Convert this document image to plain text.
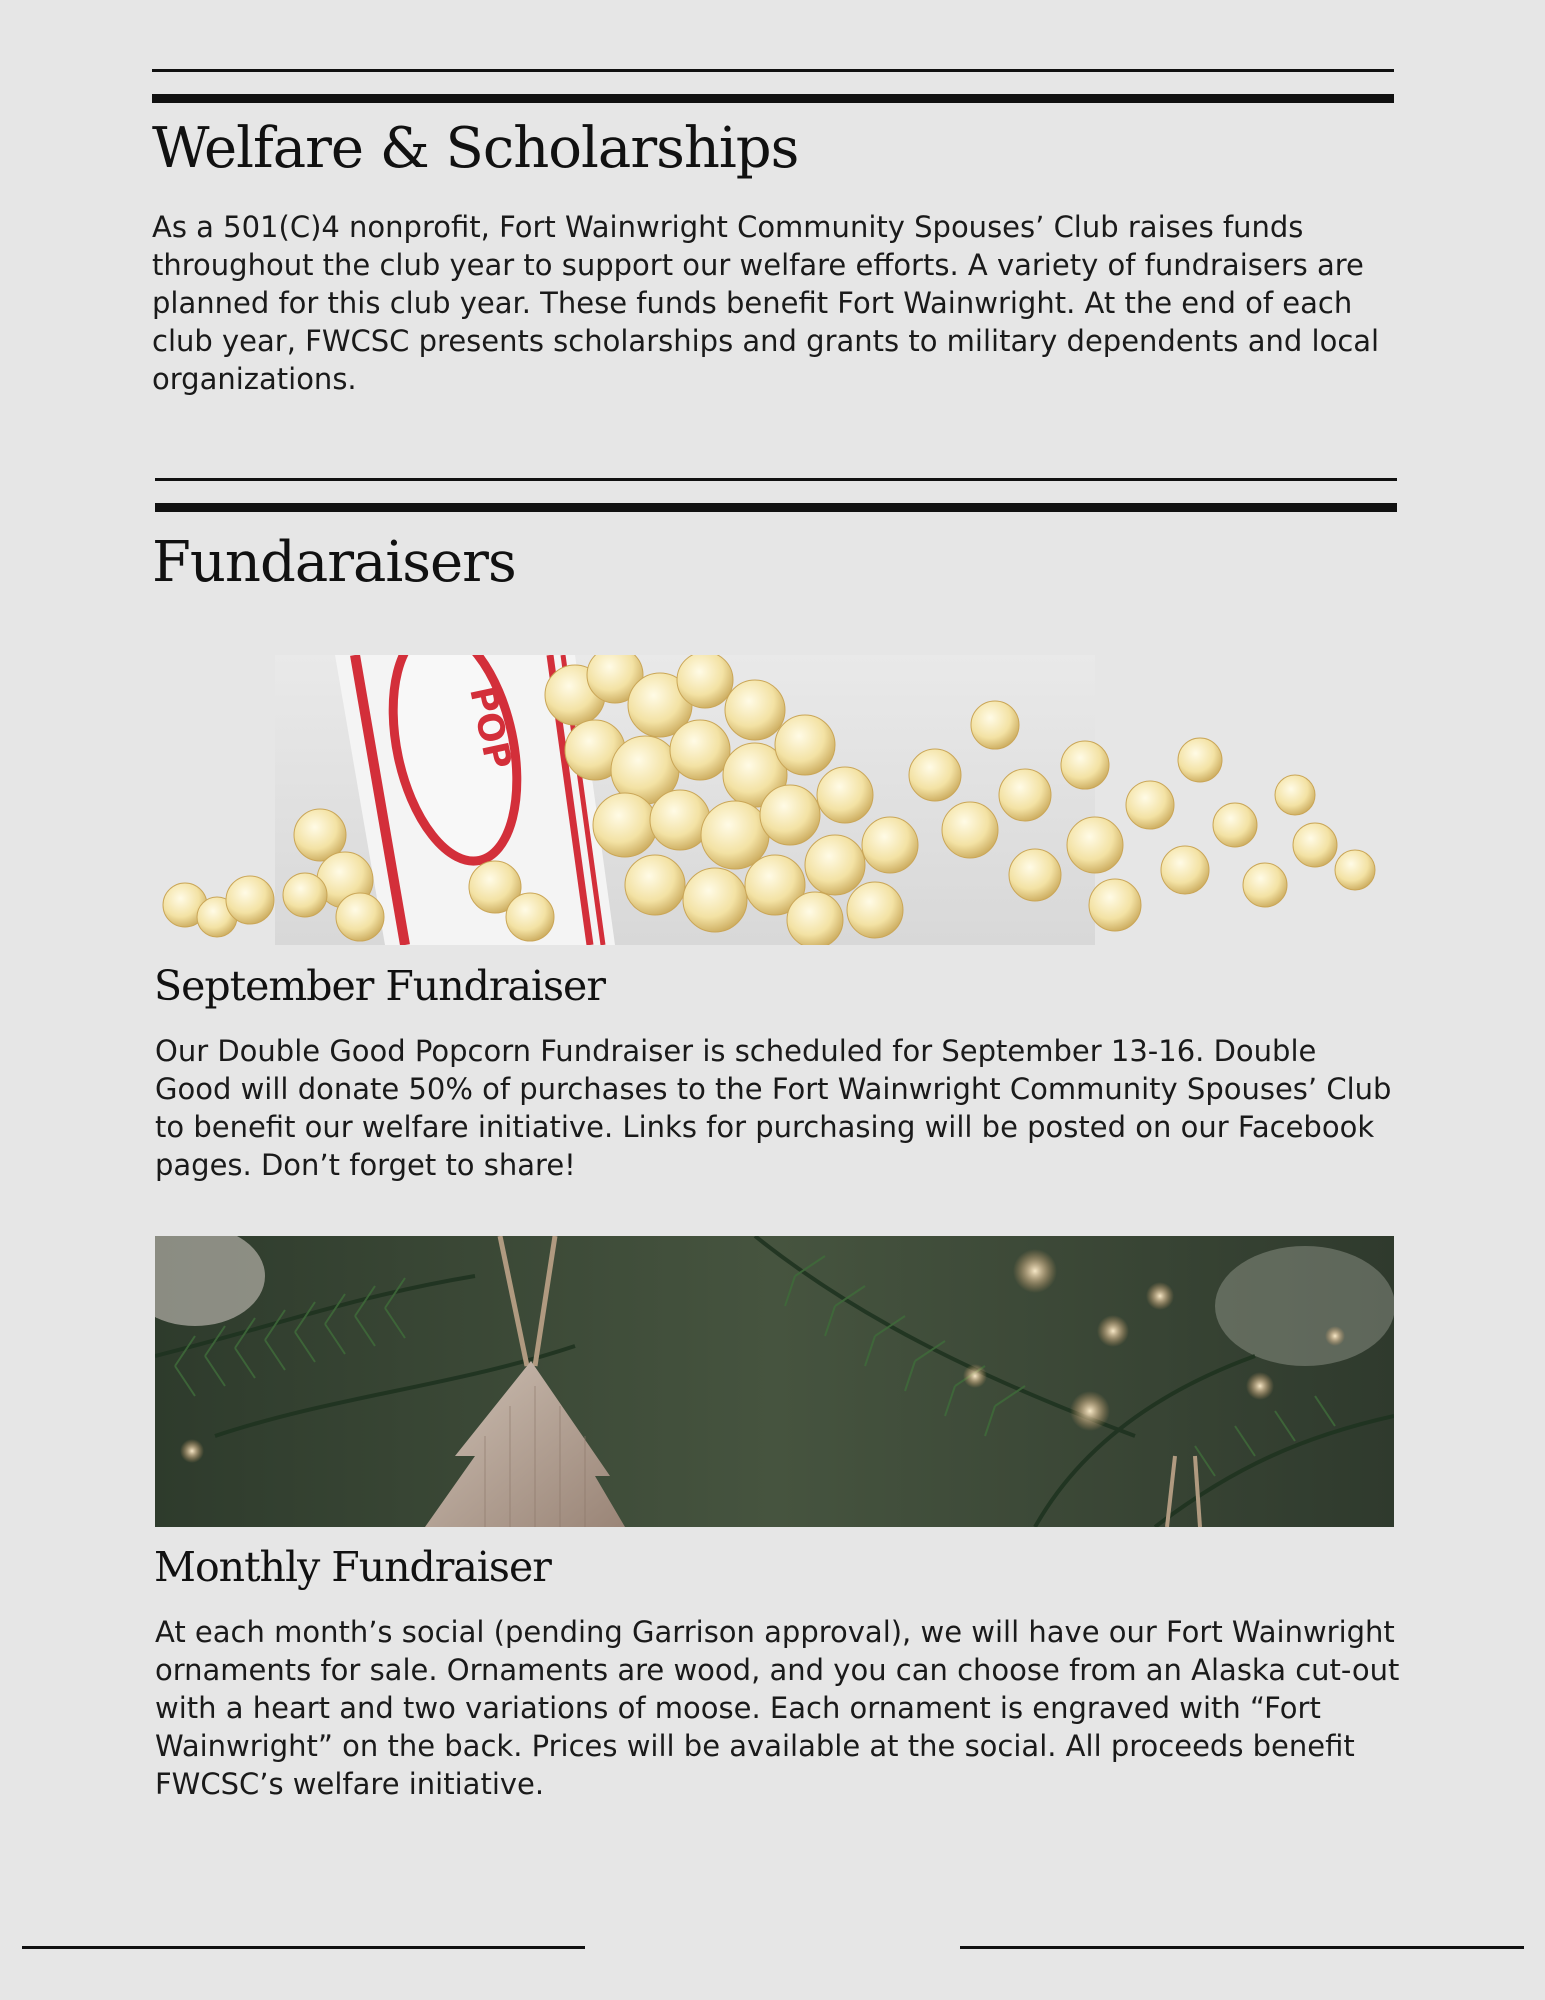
Welfare & Scholarships

As a 501(C)4 nonprofit, Fort Wainwright Community Spouses’ Club raises funds throughout the club year to support our welfare efforts. A variety of fundraisers are planned for this club year. These funds benefit Fort Wainwright. At the end of each club year, FWCSC presents scholarships and grants to military dependents and local organizations.

Fundaraisers
POP
September Fundraiser

Our Double Good Popcorn Fundraiser is scheduled for September 13-16. Double Good will donate 50% of purchases to the Fort Wainwright Community Spouses’ Club to benefit our welfare initiative. Links for purchasing will be posted on our Facebook pages. Don’t forget to share!

Monthly Fundraiser

At each month’s social (pending Garrison approval), we will have our Fort Wainwright ornaments for sale. Ornaments are wood, and you can choose from an Alaska cut-out with a heart and two variations of moose. Each ornament is engraved with “Fort Wainwright” on the back. Prices will be available at the social. All proceeds benefit FWCSC’s welfare initiative.
